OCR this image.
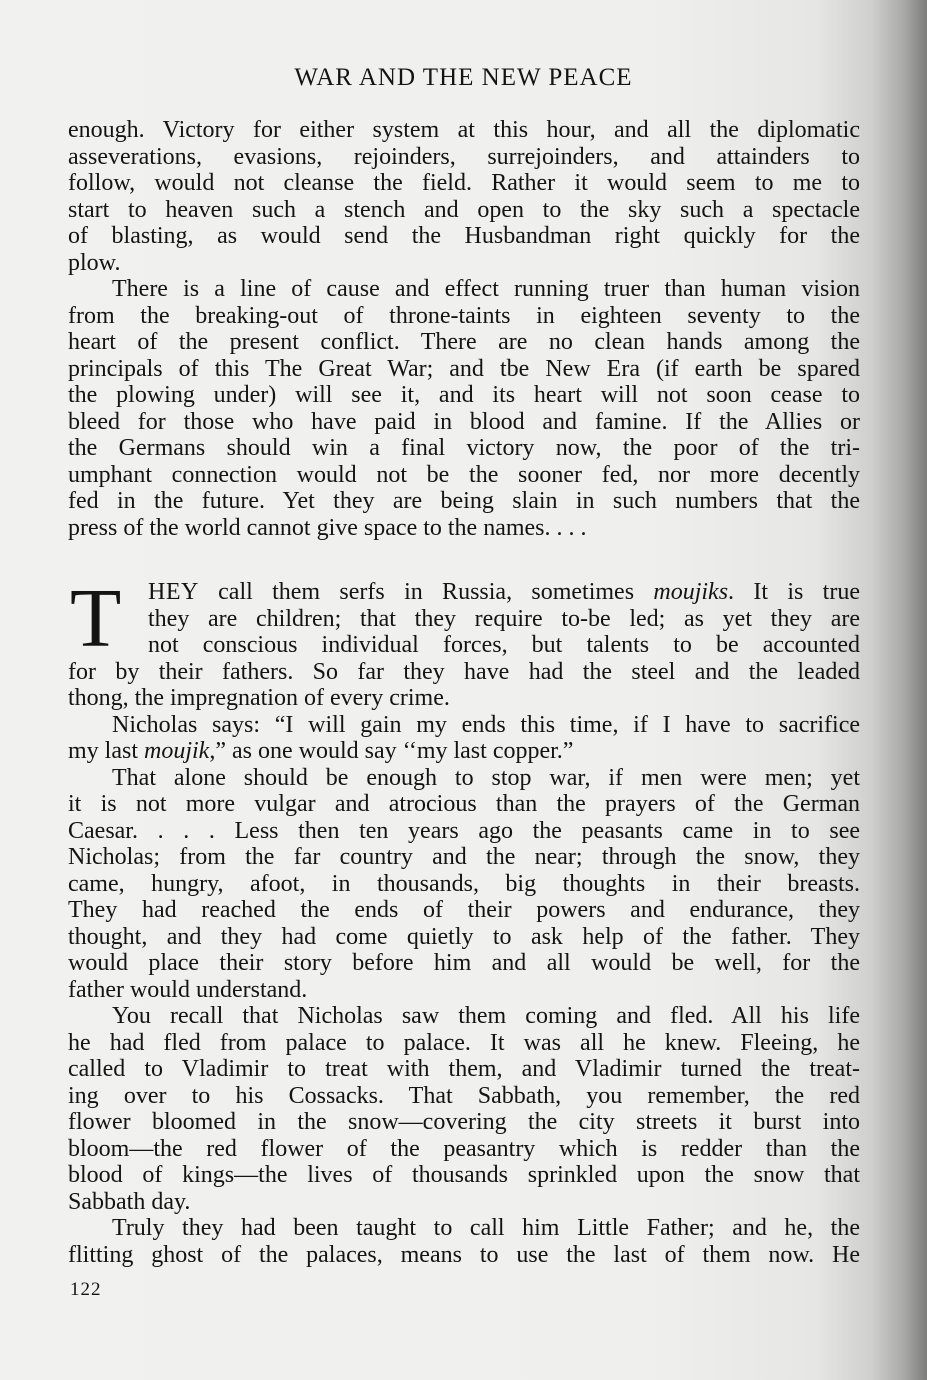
WAR AND THE NEW PEACE
enough. Victory for either system at this hour, and all the diplomatic
asseverations, evasions, rejoinders, surrejoinders, and attainders to
follow, would not cleanse the field. Rather it would seem to me to
start to heaven such a stench and open to the sky such a spectacle
of blasting, as would send the Husbandman right quickly for the
plow.
There is a line of cause and effect running truer than human vision
from the breaking-out of throne-taints in eighteen seventy to the
heart of the present conflict. There are no clean hands among the
principals of this The Great War; and tbe New Era (if earth be spared
the plowing under) will see it, and its heart will not soon cease to
bleed for those who have paid in blood and famine. If the Allies or
the Germans should win a final victory now, the poor of the tri-
umphant connection would not be the sooner fed, nor more decently
fed in the future. Yet they are being slain in such numbers that the
press of the world cannot give space to the names. . . .
T	HEY call them serfs in Russia, sometimes moujiks. It is true
they are children; that they require to-be led; as yet they are
not conscious individual forces, but talents to be accounted
for by their fathers. So far they have had the steel and the leaded
thong, the impregnation of every crime.
Nicholas says: “I will gain my ends this time, if I have to sacrifice
my last moujik,” as one would say ‘‘my last copper.”
That alone should be enough to stop war, if men were men; yet
it is not more vulgar and atrocious than the prayers of the German
Caesar. . . . Less then ten years ago the peasants came in to see
Nicholas; from the far country and the near; through the snow, they
came, hungry, afoot, in thousands, big thoughts in their breasts.
They had reached the ends of their powers and endurance, they
thought, and they had come quietly to ask help of the father. They
would place their story before him and all would be well, for the
father would understand.
You recall that Nicholas saw them coming and fled. All his life
he had fled from palace to palace. It was all he knew. Fleeing, he
called to Vladimir to treat with them, and Vladimir turned the treat-
ing over to his Cossacks. That Sabbath, you remember, the red
flower bloomed in the snow—covering the city streets it burst into
bloom—the red flower of the peasantry which is redder than the
blood of kings—the lives of thousands sprinkled upon the snow that
Sabbath day.
Truly they had been taught to call him Little Father; and he, the
flitting ghost of the palaces, means to use the last of them now. He
122
